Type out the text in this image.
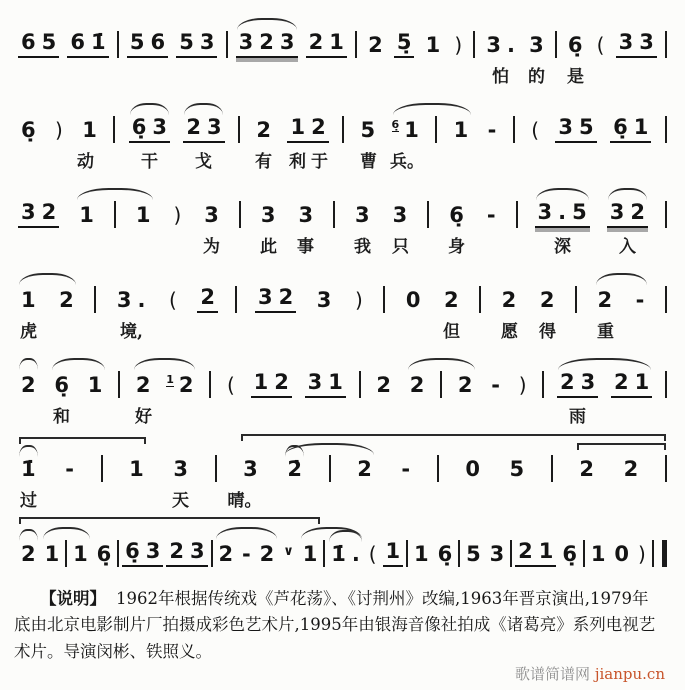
6 5 6 1̇ 5 6 5 3 3 2 3 2 1 2 5̣ 1 ) 3 . 3 6̣ ( 3 3
怕 的 是
6̣ ) 1 6̣ 3 2 3 2 1 2 5 6̣ 1 1 - ( 3 5 6̣ 1
动	干 戈	有 利 于 曹 兵。
3 2 1 1 ) 3 3 3 3 3 6̣ - 3 . 5 3 2
为 此 事 我 只 身	深	入
1 2 3 . ( 2 3 2 3 ) 0 2 2 2 2 -
虎	境,	但 愿 得 重
2 6̣ 1 2 1 2 ( 1 2 3 1 2 2 2 - ) 2 3 2 1
和	好	雨
1̇ -	1 3	3 2̇	2 -	0 5	2 2
过	天 晴。
2 1 1 6̣ 6̣ 3 2 3 2 - 2 ∨ 1 1̇ . ( 1 1 6̣ 5 3 2 1 6̣ 1 0 )
【说明】 1962年根据传统戏《芦花荡》、《讨荆州》改编,1963年晋京演出,1979年
底由北京电影制片厂拍摄成彩色艺术片,1995年由银海音像社拍成《诸葛亮》系列电视艺
术片。导演闵彬、铁照义。
歌谱简谱网 jianpu.cn
